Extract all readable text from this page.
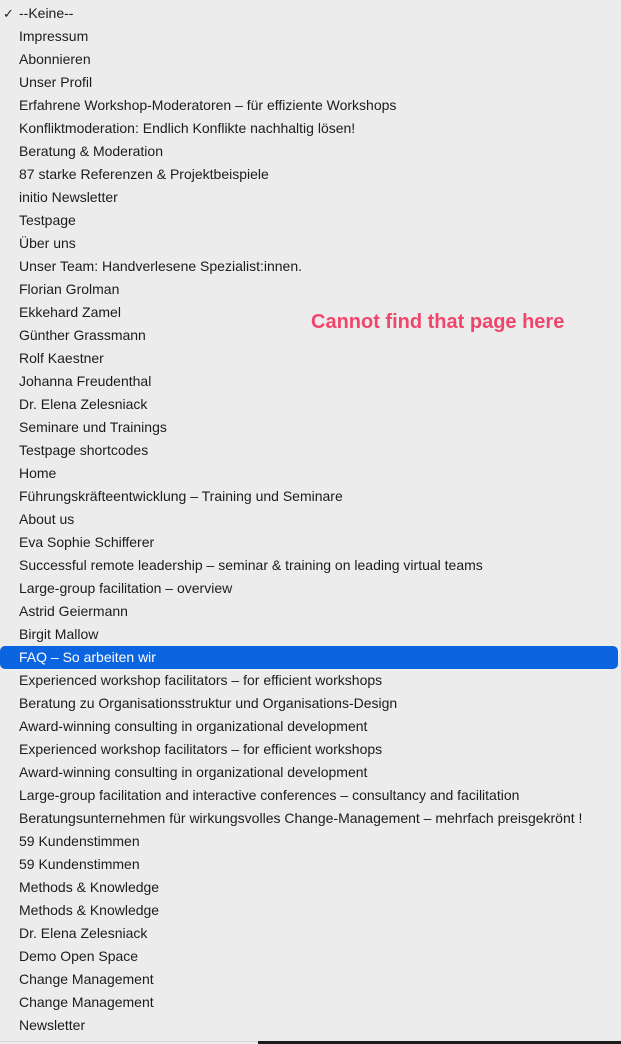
✓ --Keine--
Impressum
Abonnieren
Unser Profil
Erfahrene Workshop-Moderatoren – für effiziente Workshops
Konfliktmoderation: Endlich Konflikte nachhaltig lösen!
Beratung & Moderation
87 starke Referenzen & Projektbeispiele
initio Newsletter
Testpage
Über uns
Unser Team: Handverlesene Spezialist:innen.
Florian Grolman
Ekkehard Zamel
Günther Grassmann
Rolf Kaestner
Johanna Freudenthal
Dr. Elena Zelesniack
Seminare und Trainings
Testpage shortcodes
Home
Führungskräfteentwicklung – Training und Seminare
About us
Eva Sophie Schifferer
Successful remote leadership – seminar & training on leading virtual teams
Large-group facilitation – overview
Astrid Geiermann
Birgit Mallow
FAQ – So arbeiten wir
Experienced workshop facilitators – for efficient workshops
Beratung zu Organisationsstruktur und Organisations-Design
Award-winning consulting in organizational development
Experienced workshop facilitators – for efficient workshops
Award-winning consulting in organizational development
Large-group facilitation and interactive conferences – consultancy and facilitation
Beratungsunternehmen für wirkungsvolles Change-Management – mehrfach preisgekrönt !
59 Kundenstimmen
59 Kundenstimmen
Methods & Knowledge
Methods & Knowledge
Dr. Elena Zelesniack
Demo Open Space
Change Management
Change Management
Newsletter
Cannot find that page here
